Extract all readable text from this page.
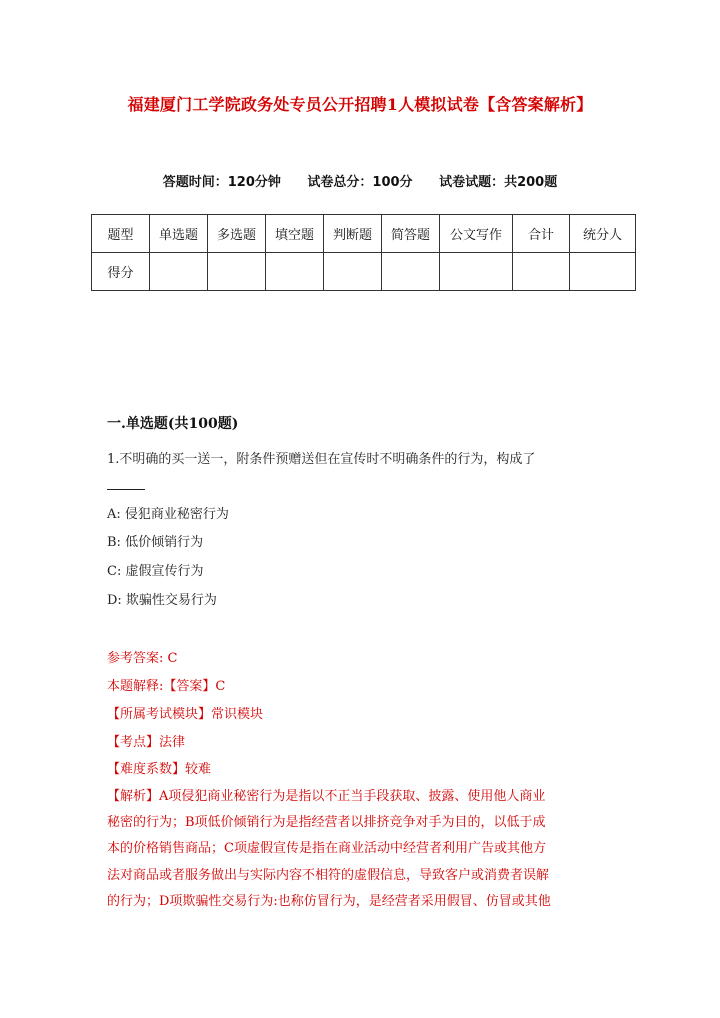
福建厦门工学院政务处专员公开招聘1人模拟试卷【含答案解析】
答题时间：120分钟 试卷总分：100分 试卷试题：共200题
题型	单选题	多选题	填空题	判断题	简答题	公文写作	合计	统分人
得分								
一.单选题(共100题)
1.不明确的买一送一，附条件预赠送但在宣传时不明确条件的行为，构成了
A: 侵犯商业秘密行为
B: 低价倾销行为
C: 虚假宣传行为
D: 欺骗性交易行为
参考答案: C
本题解释:【答案】C
【所属考试模块】常识模块
【考点】法律
【难度系数】较难
【解析】A项侵犯商业秘密行为是指以不正当手段获取、披露、使用他人商业
秘密的行为；B项低价倾销行为是指经营者以排挤竞争对手为目的，以低于成
本的价格销售商品；C项虚假宣传是指在商业活动中经营者利用广告或其他方
法对商品或者服务做出与实际内容不相符的虚假信息，导致客户或消费者误解
的行为；D项欺骗性交易行为:也称仿冒行为，是经营者采用假冒、仿冒或其他
